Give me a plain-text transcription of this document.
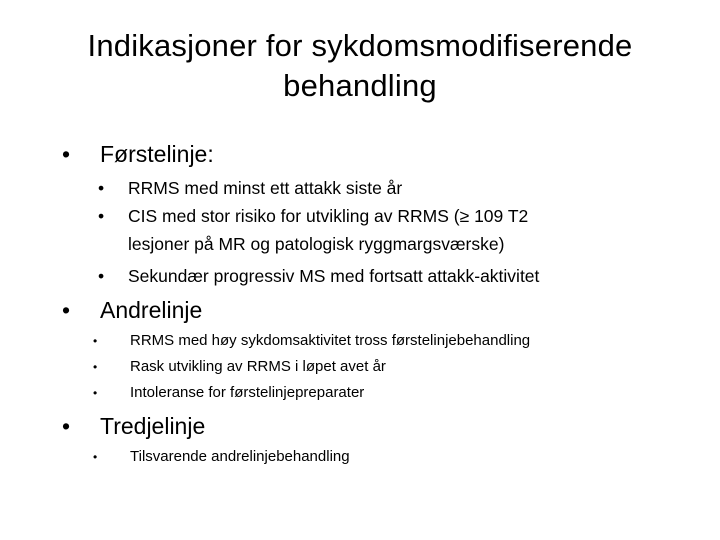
Indikasjoner for sykdomsmodifiserende
behandling
• Førstelinje:
• RRMS med minst ett attakk siste år
• CIS med stor risiko for utvikling av RRMS (≥ 109 T2
lesjoner på MR og patologisk ryggmargsværske)
• Sekundær progressiv MS med fortsatt attakk-aktivitet
• Andrelinje
• RRMS med høy sykdomsaktivitet tross førstelinjebehandling
• Rask utvikling av RRMS i løpet avet år
• Intoleranse for førstelinjepreparater
• Tredjelinje
• Tilsvarende andrelinjebehandling
